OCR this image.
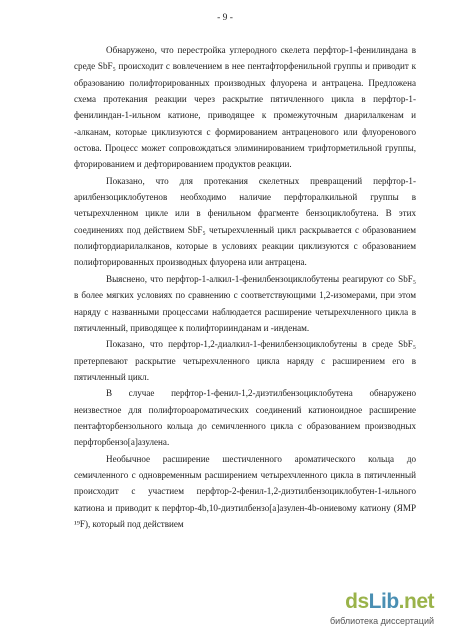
- 9 -

Обнаружено, что перестройка углеродного скелета перфтор-1-фенилиндана в среде SbF₅ происходит с вовлечением в нее пентафторфенильной группы и приводит к образованию полифторированных производных флуорена и антрацена. Предложена схема протекания реакции через раскрытие пятичленного цикла в перфтор-1-фенилиндан-1-ильном катионе, приводящее к промежуточным диарилалкенам и -алканам, которые циклизуются с формированием антраценового или флуоренового остова. Процесс может сопровождаться элиминированием трифторметильной группы, фторированием и дефторированием продуктов реакции.

Показано, что для протекания скелетных превращений перфтор-1-арилбензоциклобутенов необходимо наличие перфторалкильной группы в четырехчленном цикле или в фенильном фрагменте бензоциклобутена. В этих соединениях под действием SbF₅ четырехчленный цикл раскрывается с образованием полифтордиарилалканов, которые в условиях реакции циклизуются с образованием полифторированных производных флуорена или антрацена.

Выяснено, что перфтор-1-алкил-1-фенилбензоциклобутены реагируют со SbF₅ в более мягких условиях по сравнению с соответствующими 1,2-изомерами, при этом наряду с названными процессами наблюдается расширение четырехчленного цикла в пятичленный, приводящее к полифториинданам и -инденам.

Показано, что перфтор-1,2-диалкил-1-фенилбензоциклобутены в среде SbF₅ претерпевают раскрытие четырехчленного цикла наряду с расширением его в пятичленный цикл.

В случае перфтор-1-фенил-1,2-диэтилбензоциклобутена обнаружено неизвестное для полифтороароматических соединений катионоидное расширение пентафторбензольного кольца до семичленного цикла с образованием производных перфторбензо[a]азулена.

Необычное расширение шестичленного ароматического кольца до семичленного с одновременным расширением четырехчленного цикла в пятичленный происходит с участием перфтор-2-фенил-1,2-диэтилбензоциклобутен-1-ильного катиона и приводит к перфтор-4b,10-диэтилбензо[a]азулен-4b-ониевому катиону (ЯМР ¹⁹F), который под действием

dsLib.net
библиотека диссертаций
